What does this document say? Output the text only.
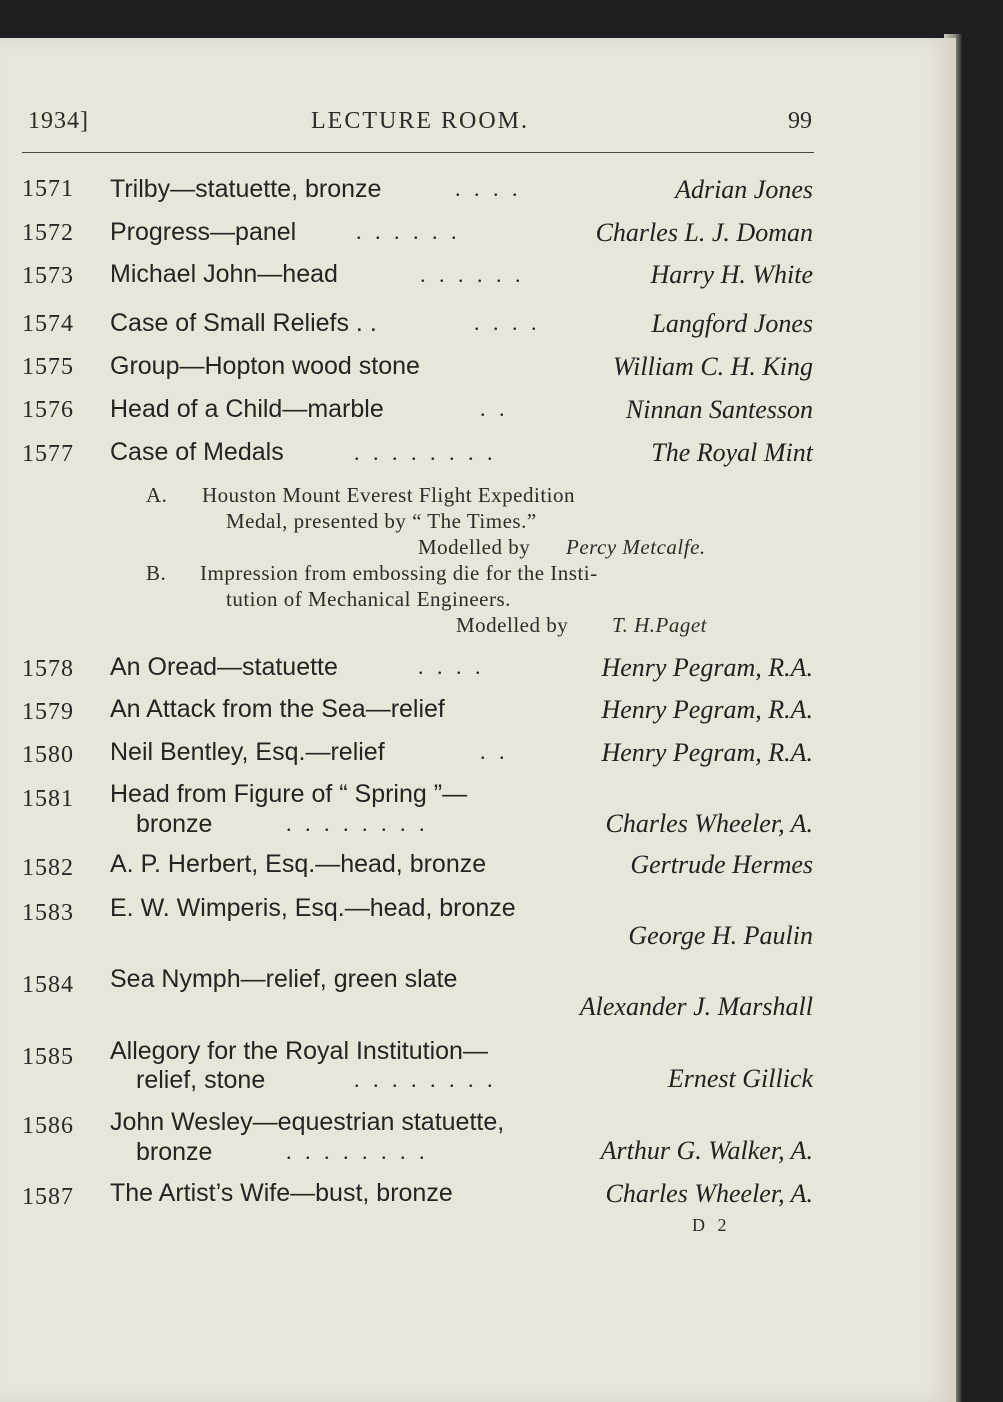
1934]	LECTURE ROOM.	99
1571 Trilby—statuette, bronze	. . . .	Adrian Jones
1572 Progress—panel	. . . . . .	Charles L. J. Doman
1573 Michael John—head	. . . . . .	Harry H. White
1574 Case of Small Reliefs . .	. . . .	Langford Jones
1575 Group—Hopton wood stone	William C. H. King
1576 Head of a Child—marble	. .	Ninnan Santesson
1577 Case of Medals	. . . . . . . .	The Royal Mint
A. Houston Mount Everest Flight Expedition
Medal, presented by “ The Times.”
Modelled by Percy Metcalfe.
B. Impression from embossing die for the Insti-
tution of Mechanical Engineers.
Modelled by T. H.Paget
1578 An Oread—statuette	. . . .	Henry Pegram, R.A.
1579 An Attack from the Sea—relief	Henry Pegram, R.A.
1580 Neil Bentley, Esq.—relief	. .	Henry Pegram, R.A.
1581 Head from Figure of “ Spring ”—
bronze	. . . . . . . .	Charles Wheeler, A.
1582 A. P. Herbert, Esq.—head, bronze	Gertrude Hermes
1583 E. W. Wimperis, Esq.—head, bronze
George H. Paulin
1584 Sea Nymph—relief, green slate
Alexander J. Marshall
1585 Allegory for the Royal Institution—
relief, stone	. . . . . . . .	Ernest Gillick
1586 John Wesley—equestrian statuette,
bronze	. . . . . . . .	Arthur G. Walker, A.
1587 The Artist’s Wife—bust, bronze	Charles Wheeler, A.
D 2
